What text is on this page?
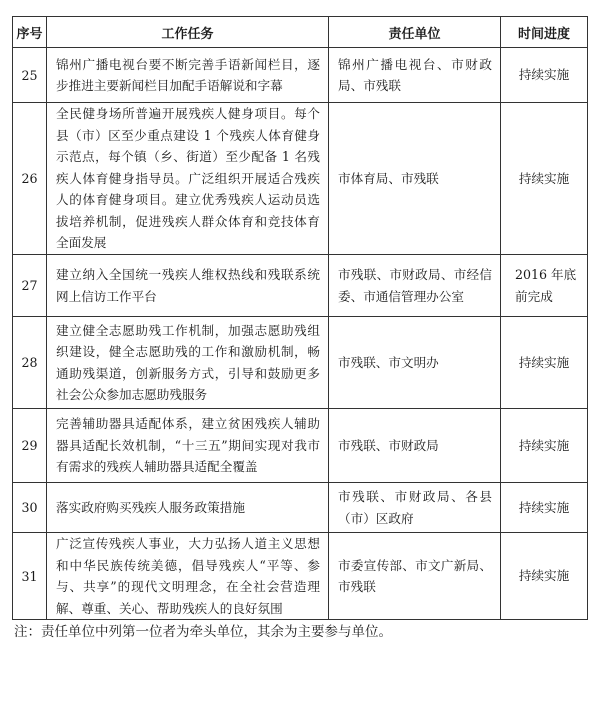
序号	工作任务	责任单位	时间进度
25	锦州广播电视台要不断完善手语新闻栏目，逐步推进主要新闻栏目加配手语解说和字幕	锦州广播电视台、市财政局、市残联	持续实施
26	全民健身场所普遍开展残疾人健身项目。每个县（市）区至少重点建设 1 个残疾人体育健身示范点，每个镇（乡、街道）至少配备 1 名残疾人体育健身指导员。广泛组织开展适合残疾人的体育健身项目。建立优秀残疾人运动员选拔培养机制，促进残疾人群众体育和竞技体育全面发展	市体育局、市残联	持续实施
27	建立纳入全国统一残疾人维权热线和残联系统网上信访工作平台	市残联、市财政局、市经信委、市通信管理办公室	2016 年底前完成
28	建立健全志愿助残工作机制，加强志愿助残组织建设，健全志愿助残的工作和激励机制，畅通助残渠道，创新服务方式，引导和鼓励更多社会公众参加志愿助残服务	市残联、市文明办	持续实施
29	完善辅助器具适配体系，建立贫困残疾人辅助器具适配长效机制，“十三五”期间实现对我市有需求的残疾人辅助器具适配全覆盖	市残联、市财政局	持续实施
30	落实政府购买残疾人服务政策措施	市残联、市财政局、各县（市）区政府	持续实施
31	广泛宣传残疾人事业，大力弘扬人道主义思想和中华民族传统美德，倡导残疾人“平等、参与、共享”的现代文明理念，在全社会营造理解、尊重、关心、帮助残疾人的良好氛围	市委宣传部、市文广新局、市残联	持续实施
注：责任单位中列第一位者为牵头单位，其余为主要参与单位。
